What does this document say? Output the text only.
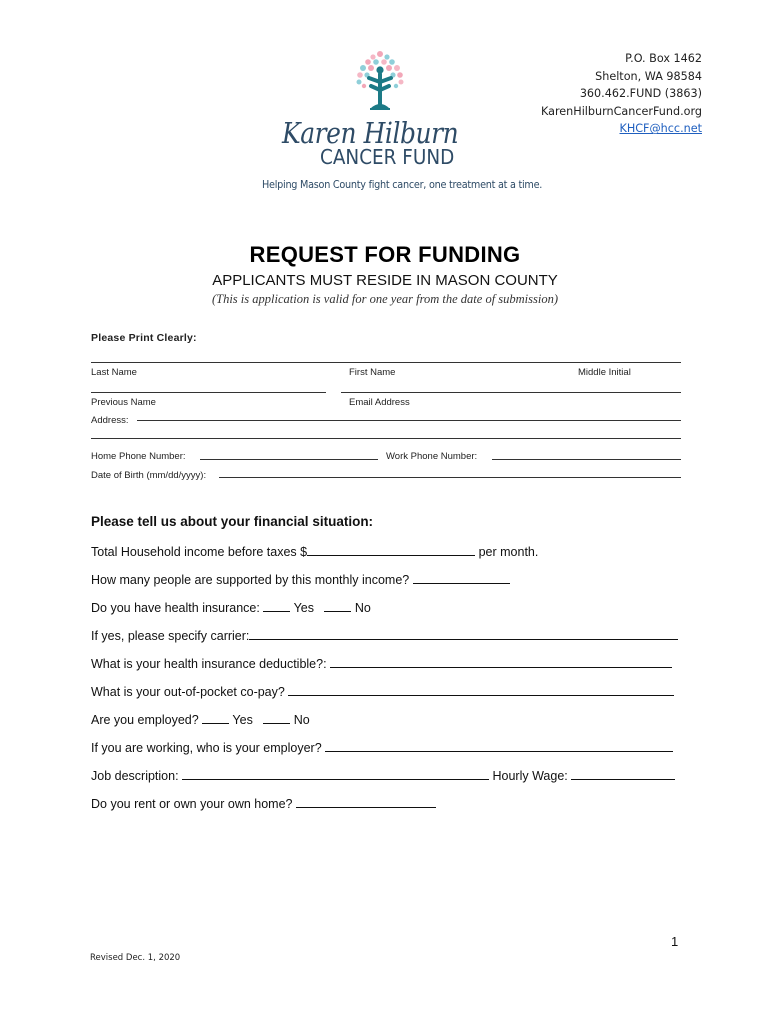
P.O. Box 1462
Shelton, WA 98584
360.462.FUND (3863)
KarenHilburnCancerFund.org
KHCF@hcc.net
Karen Hilburn
CANCER FUND
Helping Mason County fight cancer, one treatment at a time.
REQUEST FOR FUNDING
APPLICANTS MUST RESIDE IN MASON COUNTY
(This is application is valid for one year from the date of submission)
Please Print Clearly:
Last Name	First Name	Middle Initial
Previous Name	Email Address
Address:
Home Phone Number:	Work Phone Number:
Date of Birth (mm/dd/yyyy):
Please tell us about your financial situation:
Total Household income before taxes $	per month.
How many people are supported by this monthly income?
Do you have health insurance:  Yes	No
If yes, please specify carrier:
What is your health insurance deductible?:
What is your out-of-pocket co-pay?
Are you employed?  Yes	No
If you are working, who is your employer?
Job description:	Hourly Wage:
Do you rent or own your own home?
1
Revised Dec. 1, 2020
